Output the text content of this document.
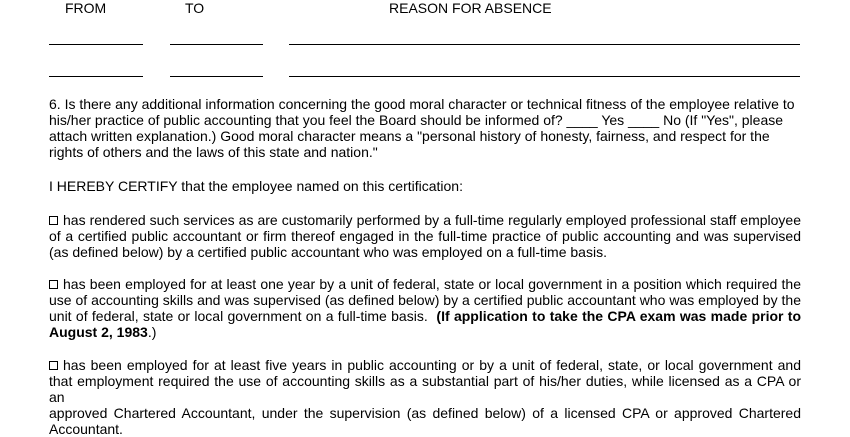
FROM	TO	REASON FOR ABSENCE
6. Is there any additional information concerning the good moral character or technical fitness of the employee relative to
his/her practice of public accounting that you feel the Board should be informed of? ____ Yes ____ No (If "Yes", please
attach written explanation.) Good moral character means a "personal history of honesty, fairness, and respect for the
rights of others and the laws of this state and nation."
I HEREBY CERTIFY that the employee named on this certification:
has rendered such services as are customarily performed by a full-time regularly employed professional staff employee
of a certified public accountant or firm thereof engaged in the full-time practice of public accounting and was supervised
(as defined below) by a certified public accountant who was employed on a full-time basis.
has been employed for at least one year by a unit of federal, state or local government in a position which required the
use of accounting skills and was supervised (as defined below) by a certified public accountant who was employed by the
unit of federal, state or local government on a full-time basis. (If application to take the CPA exam was made prior to
August 2, 1983.)
has been employed for at least five years in public accounting or by a unit of federal, state, or local government and
that employment required the use of accounting skills as a substantial part of his/her duties, while licensed as a CPA or an
approved Chartered Accountant, under the supervision (as defined below) of a licensed CPA or approved Chartered
Accountant.
